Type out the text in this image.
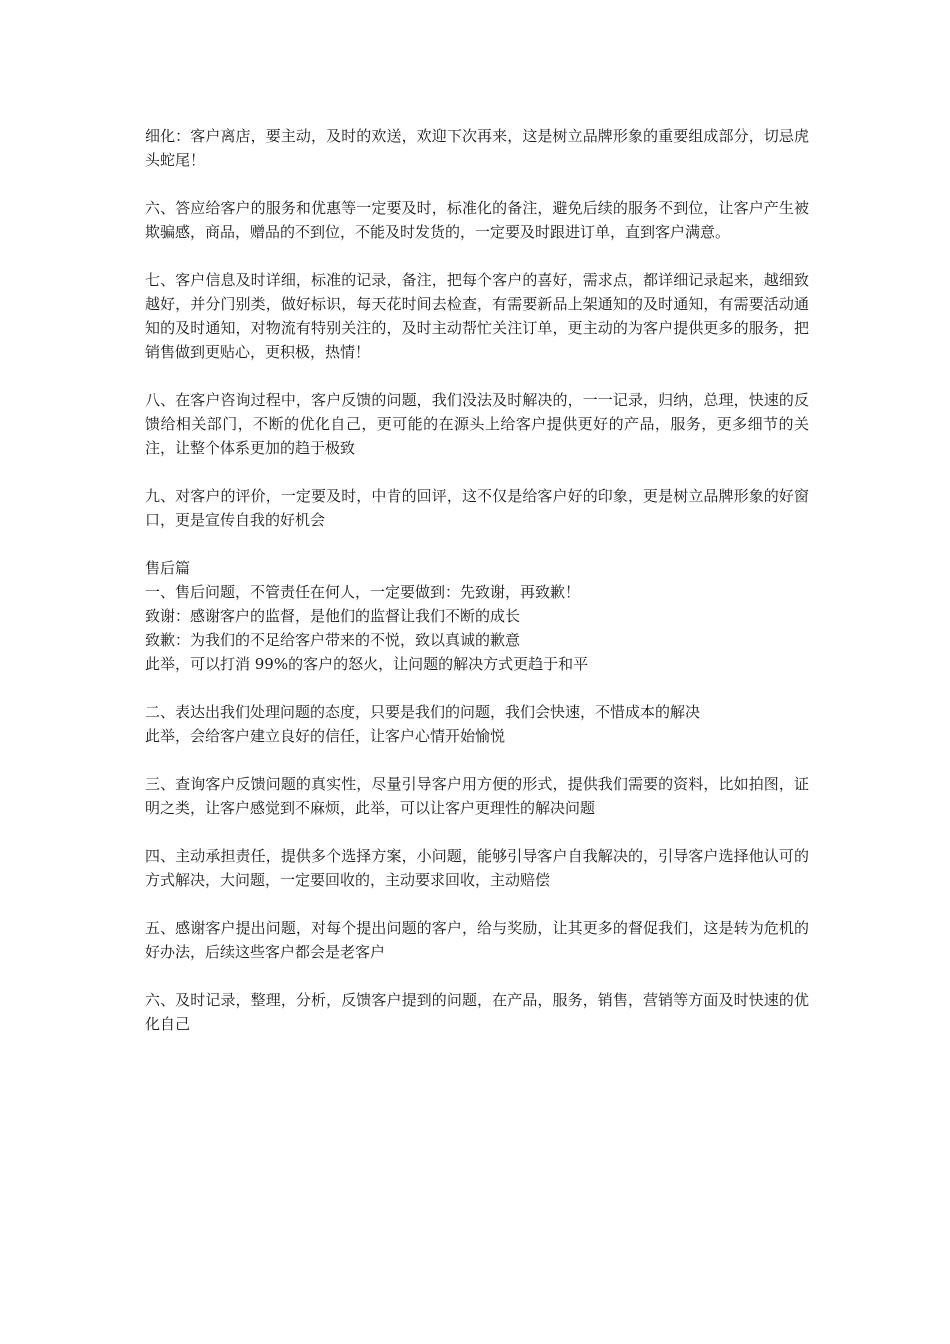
细化：客户离店，要主动，及时的欢送，欢迎下次再来，这是树立品牌形象的重要组成部分，切忌虎头蛇尾！

六、答应给客户的服务和优惠等一定要及时，标准化的备注，避免后续的服务不到位，让客户产生被欺骗感，商品，赠品的不到位，不能及时发货的，一定要及时跟进订单，直到客户满意。

七、客户信息及时详细，标准的记录，备注，把每个客户的喜好，需求点，都详细记录起来，越细致越好，并分门别类，做好标识，每天花时间去检查，有需要新品上架通知的及时通知，有需要活动通知的及时通知，对物流有特别关注的，及时主动帮忙关注订单，更主动的为客户提供更多的服务，把销售做到更贴心，更积极，热情！

八、在客户咨询过程中，客户反馈的问题，我们没法及时解决的，一一记录，归纳，总理，快速的反馈给相关部门，不断的优化自己，更可能的在源头上给客户提供更好的产品，服务，更多细节的关注，让整个体系更加的趋于极致

九、对客户的评价，一定要及时，中肯的回评，这不仅是给客户好的印象，更是树立品牌形象的好窗口，更是宣传自我的好机会

售后篇
一、售后问题，不管责任在何人，一定要做到：先致谢，再致歉！
致谢：感谢客户的监督，是他们的监督让我们不断的成长
致歉：为我们的不足给客户带来的不悦，致以真诚的歉意
此举，可以打消 99%的客户的怒火，让问题的解决方式更趋于和平
二、表达出我们处理问题的态度，只要是我们的问题，我们会快速，不惜成本的解决
此举，会给客户建立良好的信任，让客户心情开始愉悦

三、查询客户反馈问题的真实性，尽量引导客户用方便的形式，提供我们需要的资料，比如拍图，证明之类，让客户感觉到不麻烦，此举，可以让客户更理性的解决问题

四、主动承担责任，提供多个选择方案，小问题，能够引导客户自我解决的，引导客户选择他认可的方式解决，大问题，一定要回收的，主动要求回收，主动赔偿

五、感谢客户提出问题，对每个提出问题的客户，给与奖励，让其更多的督促我们，这是转为危机的好办法，后续这些客户都会是老客户

六、及时记录，整理，分析，反馈客户提到的问题，在产品，服务，销售，营销等方面及时快速的优化自己
